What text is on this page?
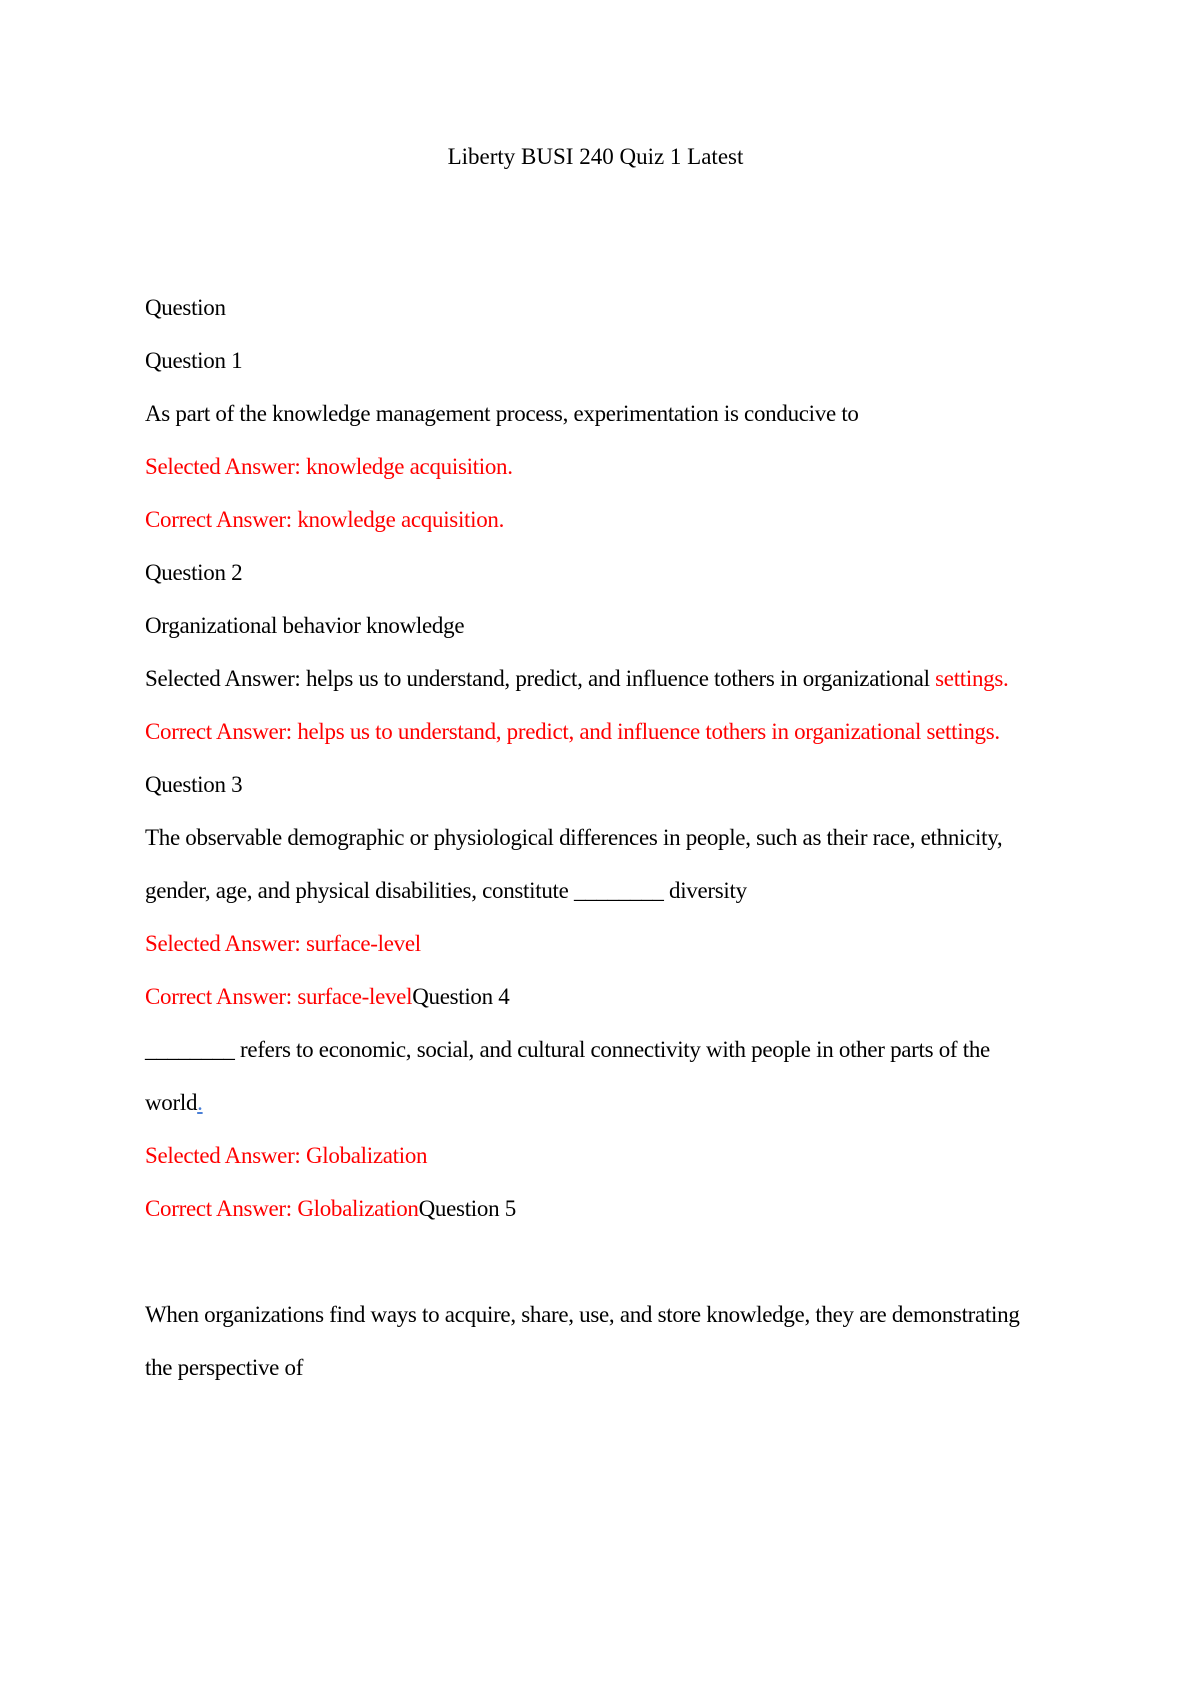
Liberty BUSI 240 Quiz 1 Latest
Question
Question 1
As part of the knowledge management process, experimentation is conducive to
Selected Answer: knowledge acquisition.
Correct Answer: knowledge acquisition.
Question 2
Organizational behavior knowledge
Selected Answer: helps us to understand, predict, and influence tothers in organizational settings.
Correct Answer: helps us to understand, predict, and influence tothers in organizational settings.
Question 3
The observable demographic or physiological differences in people, such as their race, ethnicity,
gender, age, and physical disabilities, constitute ________ diversity
Selected Answer: surface-level
Correct Answer: surface-levelQuestion 4
________ refers to economic, social, and cultural connectivity with people in other parts of the
world.
Selected Answer: Globalization
Correct Answer: GlobalizationQuestion 5
When organizations find ways to acquire, share, use, and store knowledge, they are demonstrating
the perspective of
